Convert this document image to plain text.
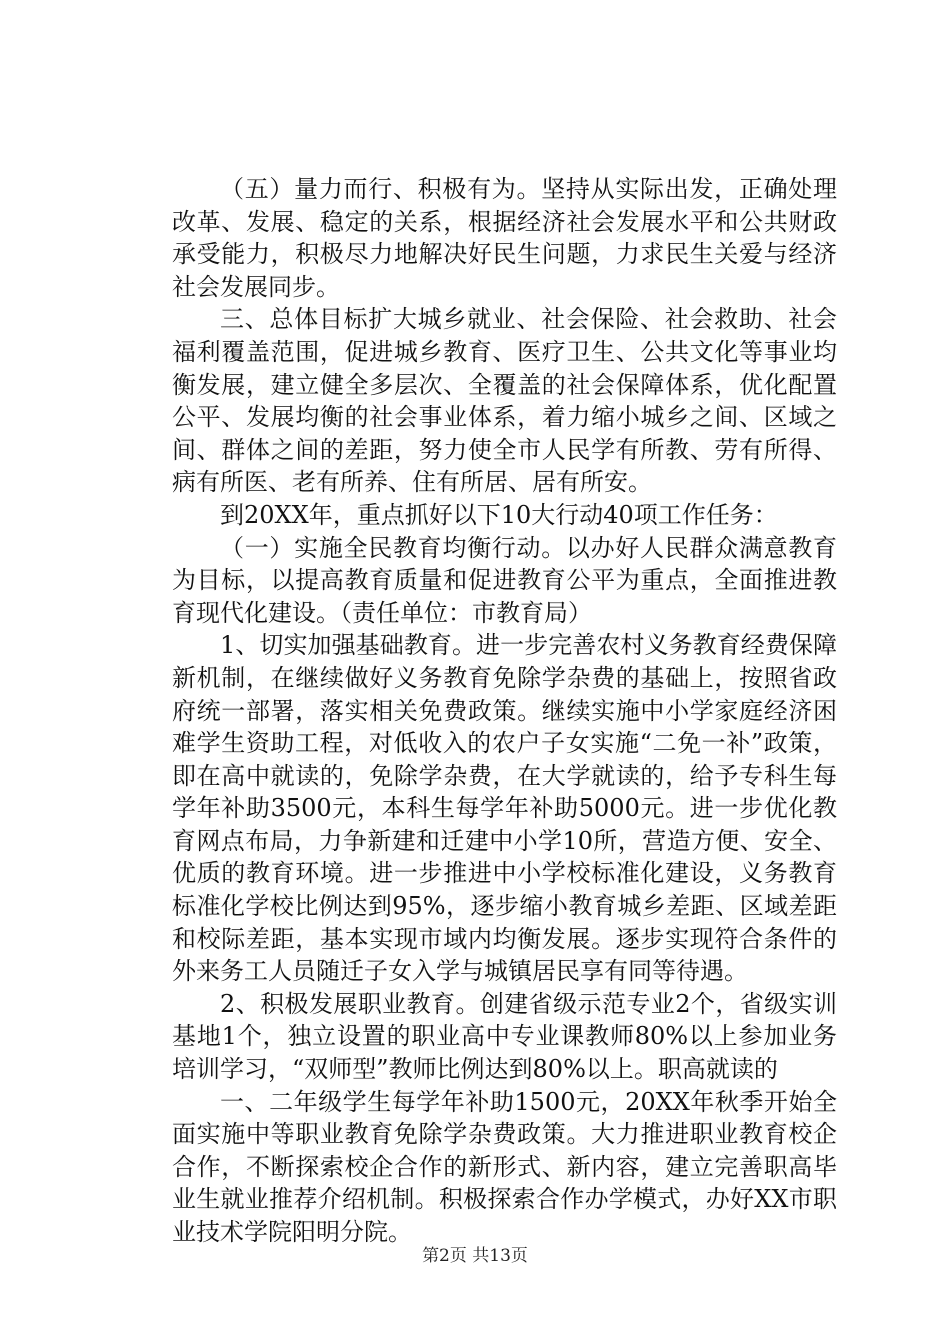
（五）量力而行、积极有为。坚持从实际出发，正确处理改革、发展、稳定的关系，根据经济社会发展水平和公共财政承受能力，积极尽力地解决好民生问题，力求民生关爱与经济社会发展同步。

三、总体目标扩大城乡就业、社会保险、社会救助、社会福利覆盖范围，促进城乡教育、医疗卫生、公共文化等事业均衡发展，建立健全多层次、全覆盖的社会保障体系，优化配置公平、发展均衡的社会事业体系，着力缩小城乡之间、区域之间、群体之间的差距，努力使全市人民学有所教、劳有所得、病有所医、老有所养、住有所居、居有所安。

到20XX年，重点抓好以下10大行动40项工作任务：

（一）实施全民教育均衡行动。以办好人民群众满意教育为目标，以提高教育质量和促进教育公平为重点，全面推进教育现代化建设。（责任单位：市教育局）

1、切实加强基础教育。进一步完善农村义务教育经费保障新机制，在继续做好义务教育免除学杂费的基础上，按照省政府统一部署，落实相关免费政策。继续实施中小学家庭经济困难学生资助工程，对低收入的农户子女实施“二免一补”政策，即在高中就读的，免除学杂费，在大学就读的，给予专科生每学年补助3500元，本科生每学年补助5000元。进一步优化教育网点布局，力争新建和迁建中小学10所，营造方便、安全、优质的教育环境。进一步推进中小学校标准化建设，义务教育标准化学校比例达到95%，逐步缩小教育城乡差距、区域差距和校际差距，基本实现市域内均衡发展。逐步实现符合条件的外来务工人员随迁子女入学与城镇居民享有同等待遇。

2、积极发展职业教育。创建省级示范专业2个，省级实训基地1个，独立设置的职业高中专业课教师80%以上参加业务培训学习，“双师型”教师比例达到80%以上。职高就读的

一、二年级学生每学年补助1500元，20XX年秋季开始全面实施中等职业教育免除学杂费政策。大力推进职业教育校企合作，不断探索校企合作的新形式、新内容，建立完善职高毕业生就业推荐介绍机制。积极探索合作办学模式，办好XX市职业技术学院阳明分院。

第2页 共13页
